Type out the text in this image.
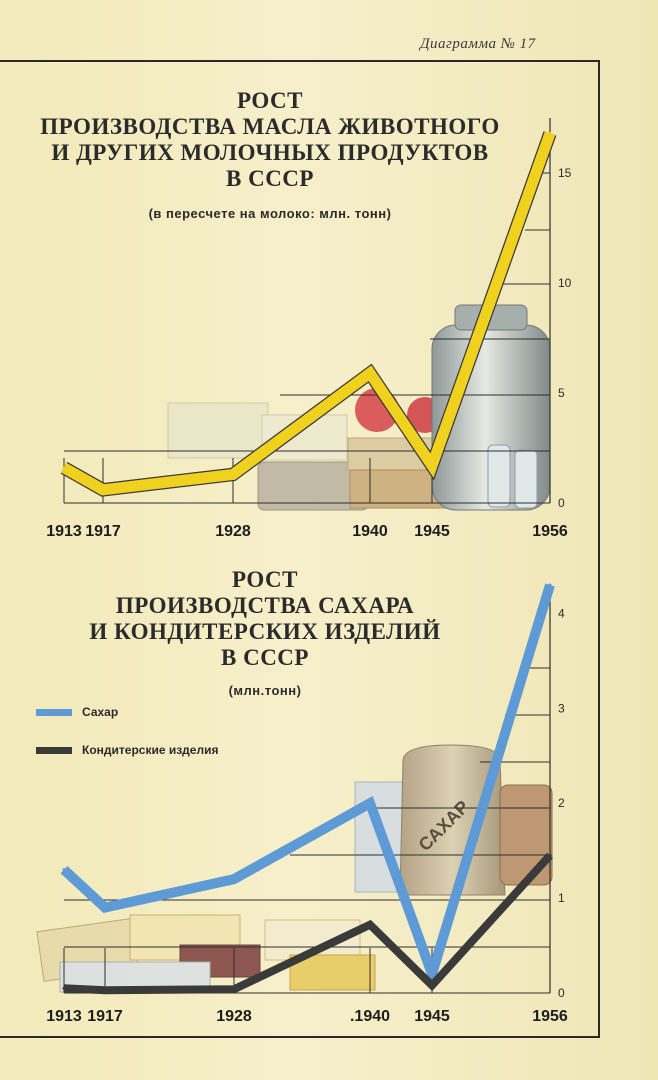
Диаграмма № 17
РОСТ
ПРОИЗВОДСТВА МАСЛА ЖИВОТНОГО
И ДРУГИХ МОЛОЧНЫХ ПРОДУКТОВ
В СССР
(в пересчете на молоко: млн. тонн)
РОСТ
ПРОИЗВОДСТВА САХАРА
И КОНДИТЕРСКИХ ИЗДЕЛИЙ
В СССР
(млн.тонн)
Сахар
Кондитерские изделия
САХАР
0
5
10
15
1913 1917	1928	1940 1945	1956
0
1
2
3
4
1913 1917	1928	.1940 1945	1956
